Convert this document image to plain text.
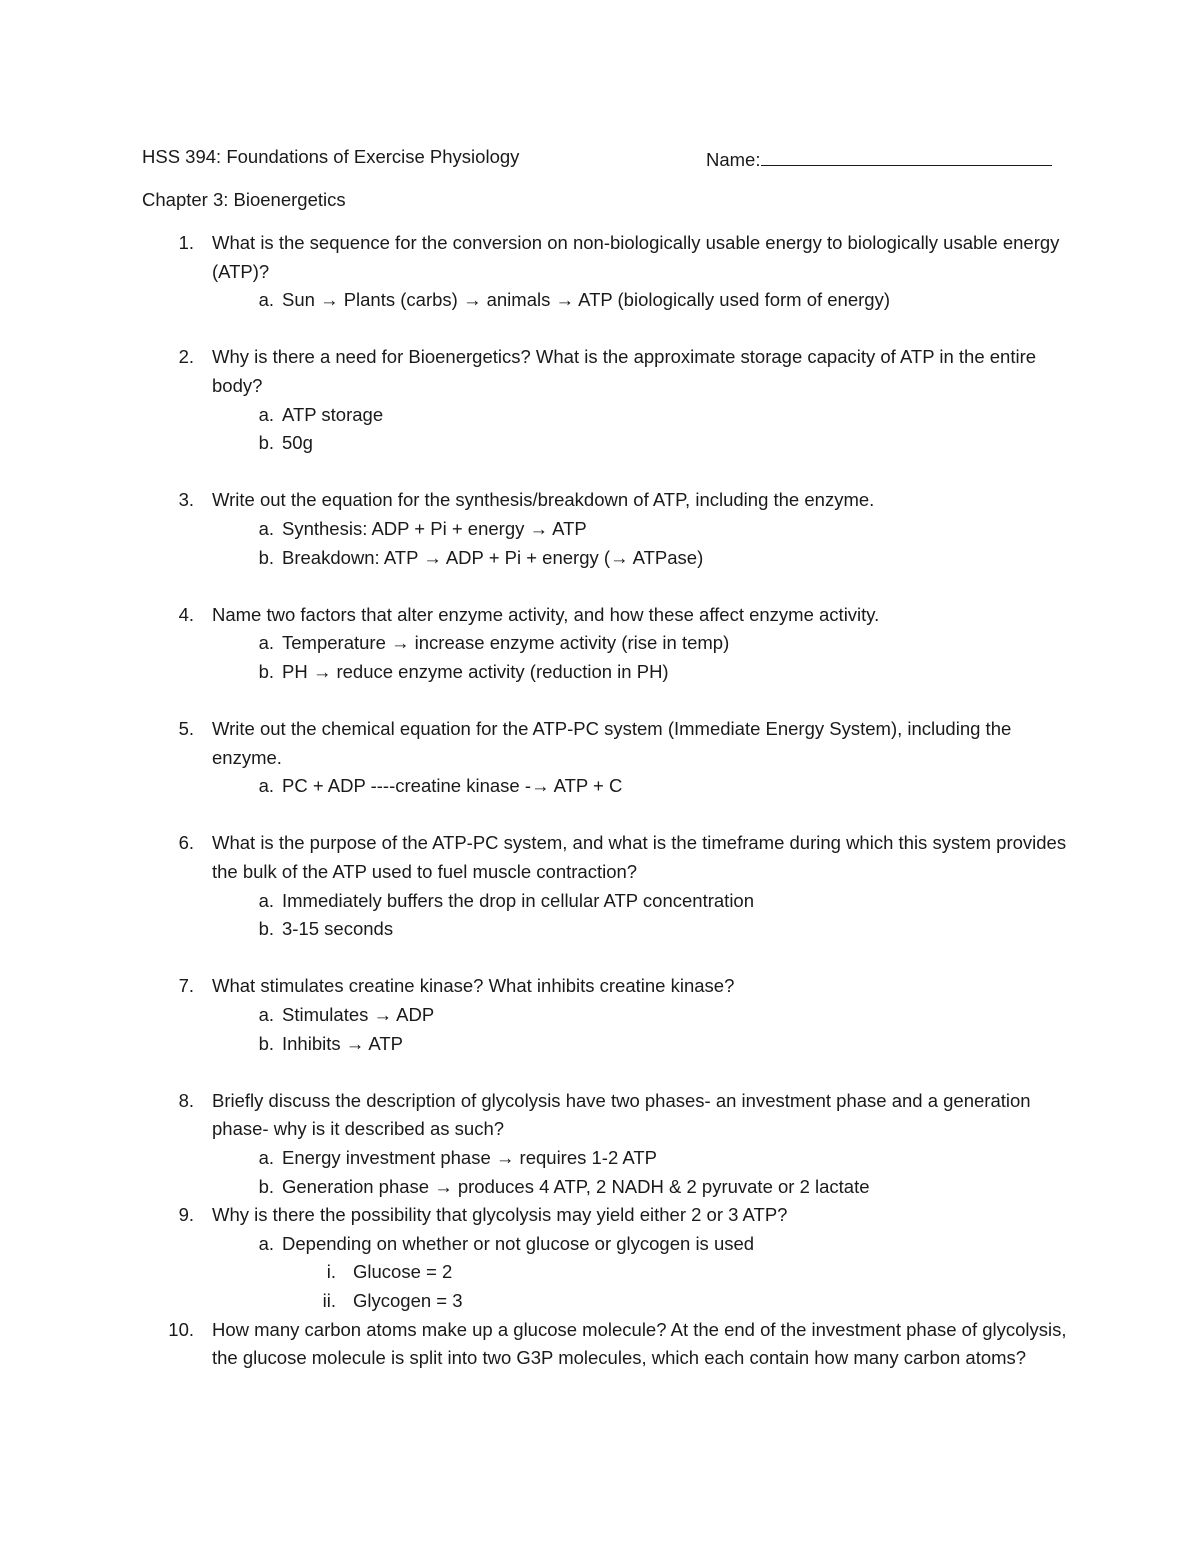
HSS 394: Foundations of Exercise Physiology	Name:
Chapter 3: Bioenergetics
1. What is the sequence for the conversion on non-biologically usable energy to biologically usable energy (ATP)?
a. Sun → Plants (carbs) → animals → ATP (biologically used form of energy)
2. Why is there a need for Bioenergetics? What is the approximate storage capacity of ATP in the entire body?
a. ATP storage
b. 50g
3. Write out the equation for the synthesis/breakdown of ATP, including the enzyme.
a. Synthesis: ADP + Pi + energy → ATP
b. Breakdown: ATP → ADP + Pi + energy (→ ATPase)
4. Name two factors that alter enzyme activity, and how these affect enzyme activity.
a. Temperature → increase enzyme activity (rise in temp)
b. PH → reduce enzyme activity (reduction in PH)
5. Write out the chemical equation for the ATP-PC system (Immediate Energy System), including the enzyme.
a. PC + ADP ----creatine kinase -→ ATP + C
6. What is the purpose of the ATP-PC system, and what is the timeframe during which this system provides the bulk of the ATP used to fuel muscle contraction?
a. Immediately buffers the drop in cellular ATP concentration
b. 3-15 seconds
7. What stimulates creatine kinase? What inhibits creatine kinase?
a. Stimulates → ADP
b. Inhibits → ATP
8. Briefly discuss the description of glycolysis have two phases- an investment phase and a generation phase- why is it described as such?
a. Energy investment phase → requires 1-2 ATP
b. Generation phase → produces 4 ATP, 2 NADH & 2 pyruvate or 2 lactate
9. Why is there the possibility that glycolysis may yield either 2 or 3 ATP?
a. Depending on whether or not glucose or glycogen is used
i. Glucose = 2
ii. Glycogen = 3
10. How many carbon atoms make up a glucose molecule? At the end of the investment phase of glycolysis, the glucose molecule is split into two G3P molecules, which each contain how many carbon atoms?
